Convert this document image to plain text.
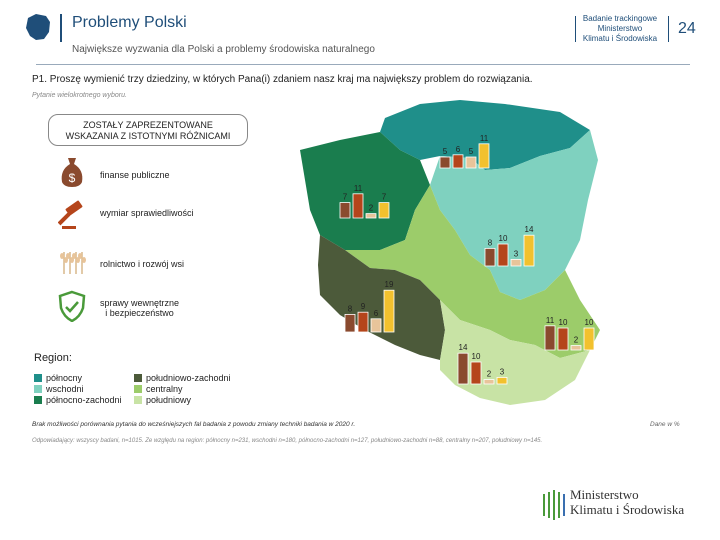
Problemy Polski
Największe wyzwania dla Polski a problemy środowiska naturalnego
Badanie trackingowe
Ministerstwo
Klimatu i Środowiska
24
P1. Proszę wymienić trzy dziedziny, w których Pana(i) zdaniem nasz kraj ma największy problem do rozwiązania.
Pytanie wielokrotnego wyboru.
ZOSTAŁY ZAPREZENTOWANE
WSKAZANIA Z ISTOTNYMI RÓŻNICAMI
$	finanse publiczne
wymiar sprawiedliwości
rolnictwo i rozwój wsi
sprawy wewnętrzne
i bezpieczeństwo
5 6 5
11
7
11
2
7
8 10
3
14
8 9
6
19
11 10
2
10
14
10
2 3
Region:
północny
wschodni
północno-zachodni
południowo-zachodni
centralny
południowy
Brak możliwości porównania pytania do wcześniejszych fal badania z powodu zmiany techniki badania w 2020 r.	Dane w %
Odpowiadający: wszyscy badani, n=1015. Ze względu na region: północny n=231, wschodni n=180, północno-zachodni n=127, południowo-zachodni n=88, centralny n=207, południowy n=145.
Ministerstwo
Klimatu i Środowiska
